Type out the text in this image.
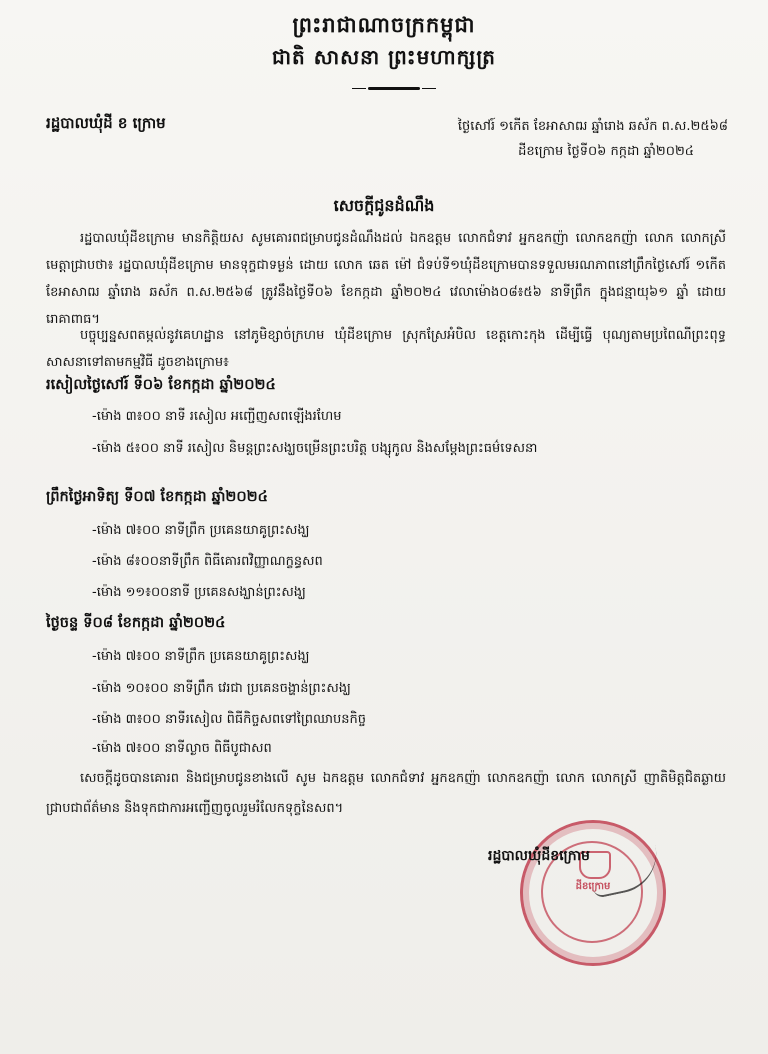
ព្រះរាជាណាចក្រកម្ពុជា
ជាតិ សាសនា ព្រះមហាក្សត្រ
រដ្ឋបាលឃុំដី ខ ក្រោម	ថ្ងៃសៅរ៍ ១កើត ខែអាសាឍ ឆ្នាំរោង ឆស័ក ព.ស.២៥៦៨
ដីខក្រោម ថ្ងៃទី០៦ កក្កដា ឆ្នាំ២០២៤
សេចក្តីជូនដំណឹង
រដ្ឋបាលឃុំដីខក្រោម មានកិត្តិយស សូមគោរពជម្រាបជូនដំណឹងដល់ ឯកឧត្តម លោកជំទាវ អ្នកឧកញ៉ា លោកឧកញ៉ា លោក លោកស្រី មេត្តាជ្រាបថា៖ រដ្ឋបាលឃុំដីខក្រោម មានទុក្ខជាទម្ងន់ ដោយ លោក ឆេត ម៉ៅ ជំទប់ទី១ឃុំដីខក្រោមបានទទួលមរណភាពនៅព្រឹកថ្ងៃសៅរ៍ ១កើត ខែអាសាឍ ឆ្នាំរោង ឆស័ក ព.ស.២៥៦៨ ត្រូវនឹងថ្ងៃទី០៦ ខែកក្កដា ឆ្នាំ២០២៤ វេលាម៉ោង០៨៖៥៦ នាទីព្រឹក ក្នុងជន្មាយុ៦១ ឆ្នាំ ដោយរោគាពាធ។
បច្ចុប្បន្នសពតម្កល់នូវគេហដ្ឋាន នៅភូមិខ្សាច់ក្រហម ឃុំដីខក្រោម ស្រុកស្រែអំបិល ខេត្តកោះកុង ដើម្បីធ្វើ បុណ្យតាមប្រពៃណីព្រះពុទ្ធសាសនាទៅតាមកម្មវិធី ដូចខាងក្រោម៖
រសៀលថ្ងៃសៅរ៍ ទី០៦ ខែកក្កដា ឆ្នាំ២០២៤
-ម៉ោង ៣៖០០ នាទី រសៀល អញ្ជើញសពឡើងរហែម
-ម៉ោង ៥៖០០ នាទី រសៀល និមន្តព្រះសង្ឃចម្រើនព្រះបរិត្ត បង្សុកូល និងសម្តែងព្រះធម៌ទេសនា
ព្រឹកថ្ងៃអាទិត្យ ទី០៧ ខែកក្កដា ឆ្នាំ២០២៤
-ម៉ោង ៧៖០០ នាទីព្រឹក ប្រគេនយាគូព្រះសង្ឃ
-ម៉ោង ៨៖០០នាទីព្រឹក ពិធីគោរពវិញ្ញាណក្ខន្ធសព
-ម៉ោង ១១៖០០នាទី ប្រគេនសង្ឃាន់ព្រះសង្ឃ
ថ្ងៃចន្ទ ទី០៨ ខែកក្កដា ឆ្នាំ២០២៤
-ម៉ោង ៧៖០០ នាទីព្រឹក ប្រគេនយាគូព្រះសង្ឃ
-ម៉ោង ១០៖០០ នាទីព្រឹក វេរជា ប្រគេនចង្ហាន់ព្រះសង្ឃ
-ម៉ោង ៣៖០០ នាទីរសៀល ពិធីកិច្ចសពទៅព្រៃឈាបនកិច្ច
-ម៉ោង ៧៖០០ នាទីល្ងាច ពិធីបូជាសព
សេចក្តីដូចបានគោរព និងជម្រាបជូនខាងលើ សូម ឯកឧត្តម លោកជំទាវ អ្នកឧកញ៉ា លោកឧកញ៉ា លោក លោកស្រី ញាតិមិត្តជិតឆ្ងាយ ជ្រាបជាព័ត៌មាន និងទុកជាការអញ្ជើញចូលរួមរំលែកទុក្ខនៃសព។
ដីខក្រោម
រដ្ឋបាលឃុំដីខក្រោម
